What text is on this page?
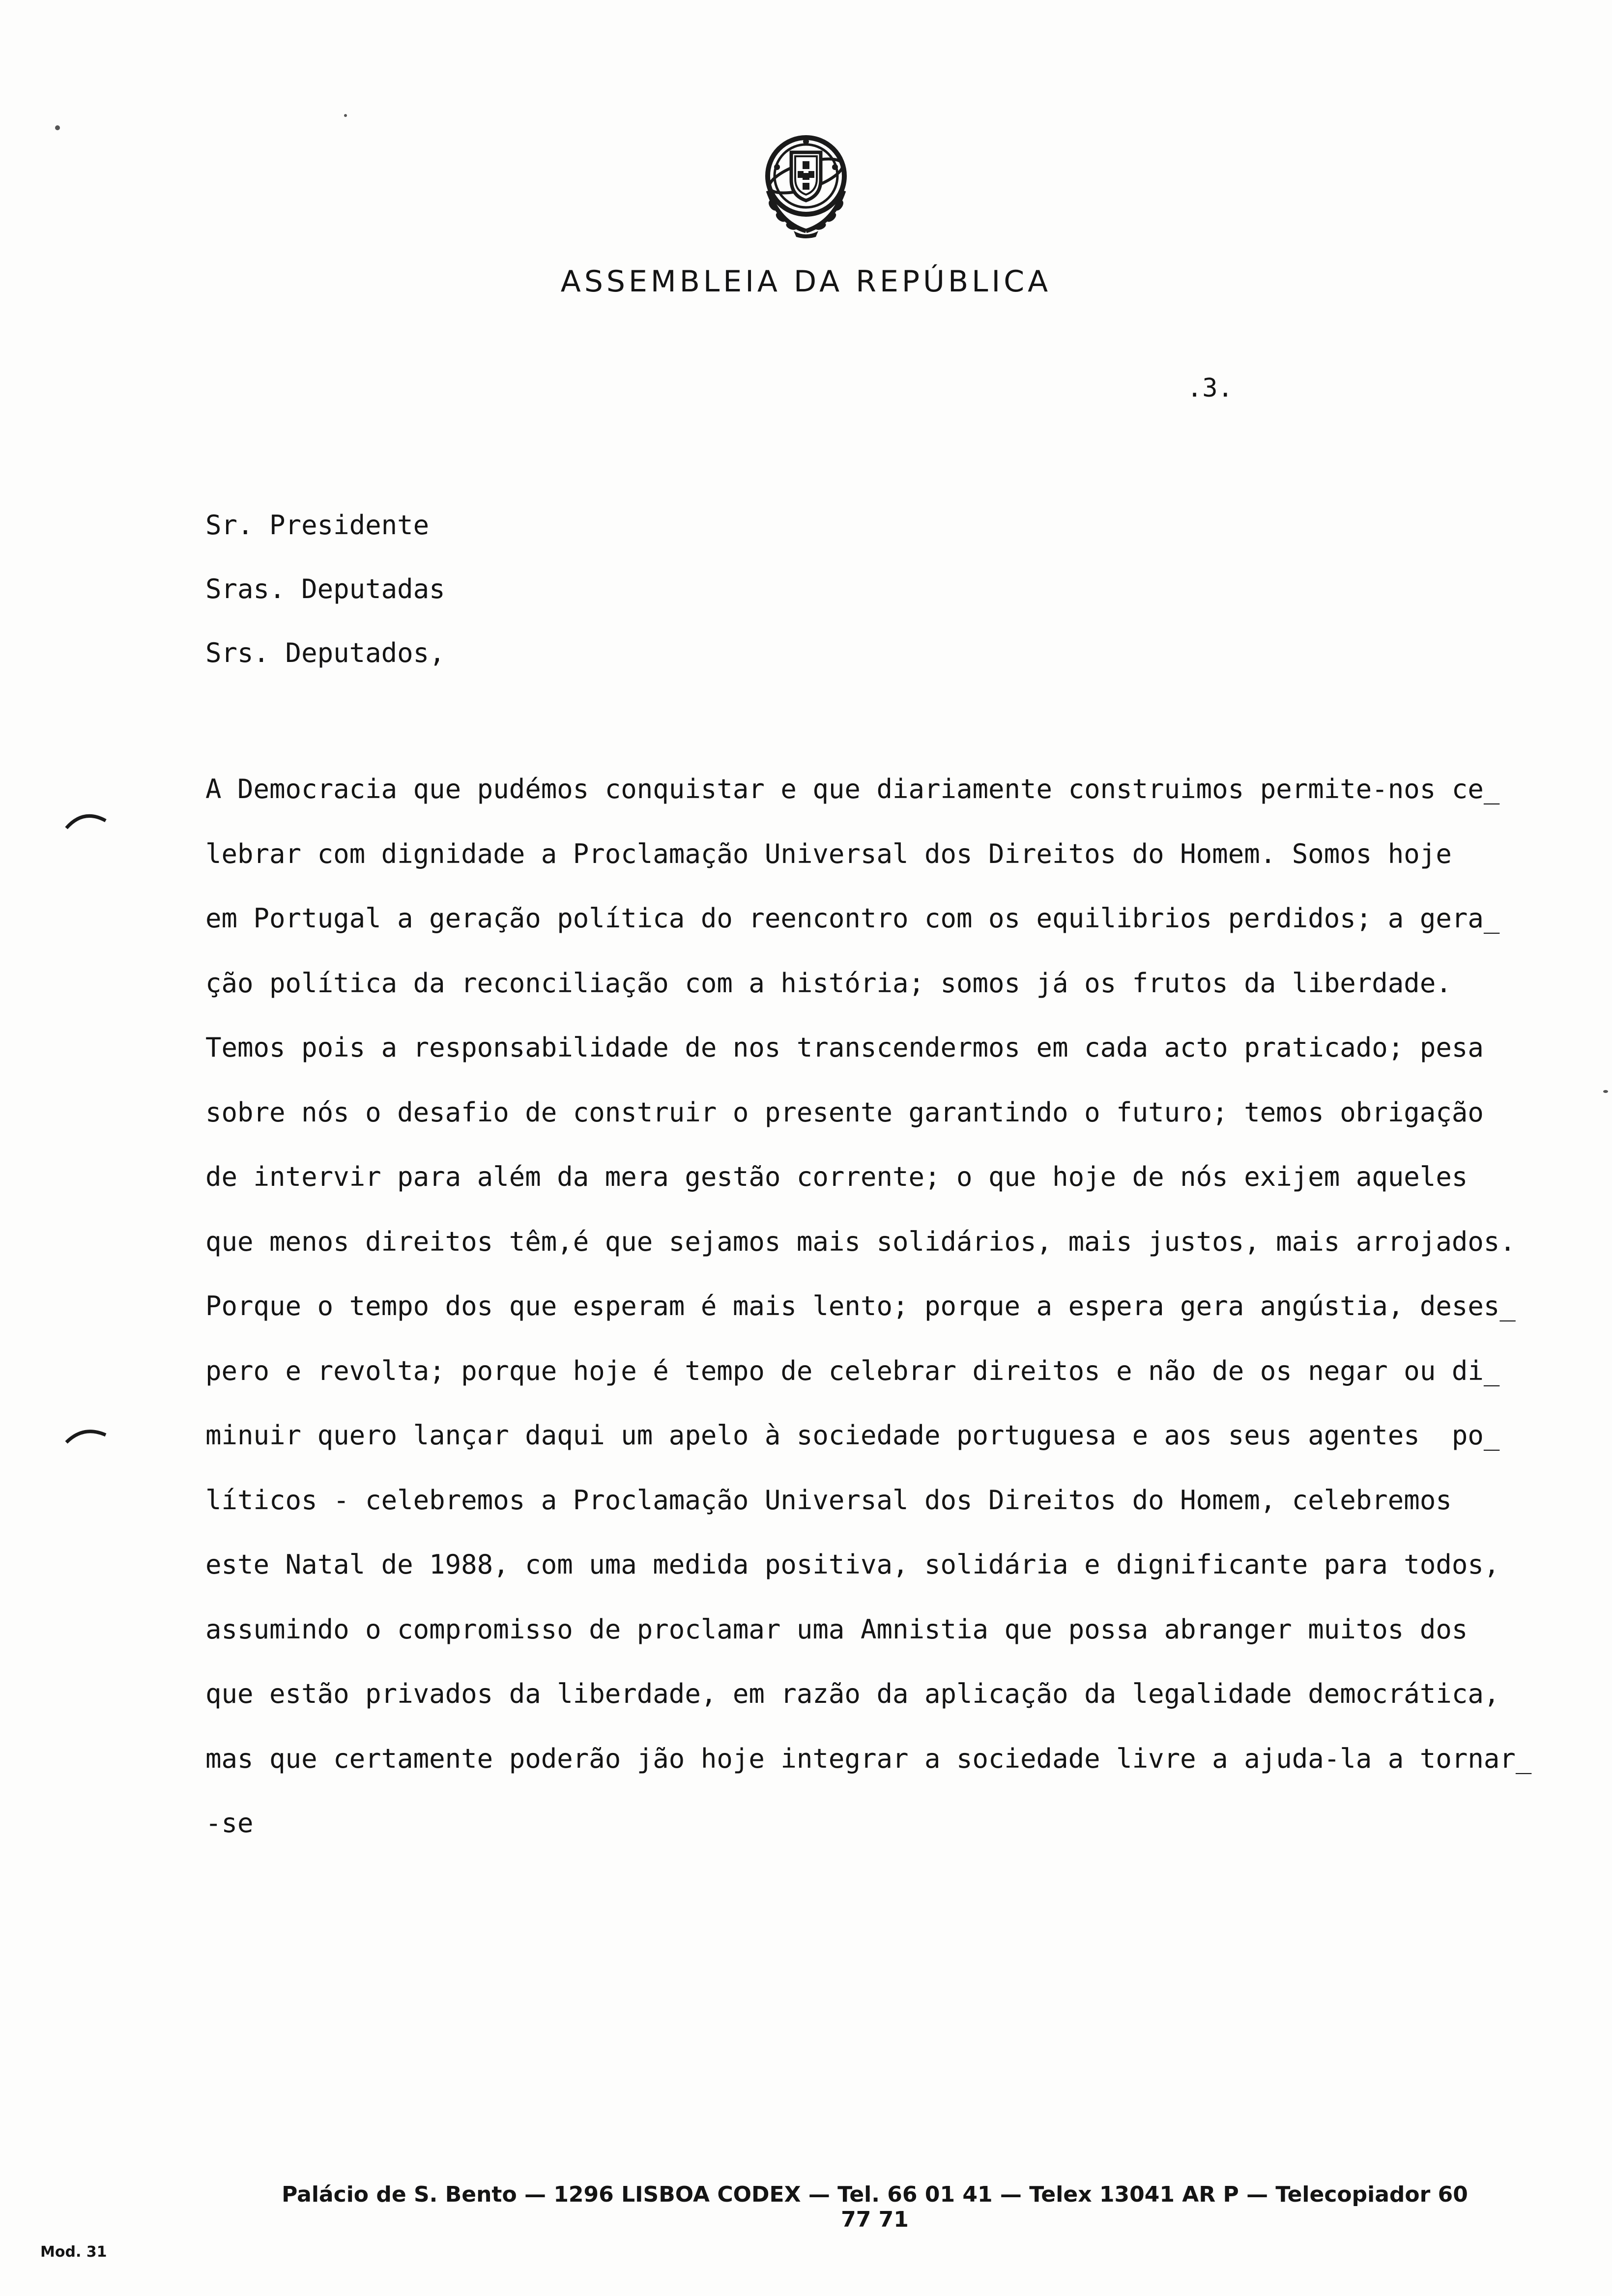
ASSEMBLEIA DA REPÚBLICA
.3.
Sr. Presidente
Sras. Deputadas
Srs. Deputados,
A Democracia que pudémos conquistar e que diariamente construimos permite-nos ce_
lebrar com dignidade a Proclamação Universal dos Direitos do Homem. Somos hoje
em Portugal a geração política do reencontro com os equilibrios perdidos; a gera_
ção política da reconciliação com a história; somos já os frutos da liberdade.
Temos pois a responsabilidade de nos transcendermos em cada acto praticado; pesa
sobre nós o desafio de construir o presente garantindo o futuro; temos obrigação
de intervir para além da mera gestão corrente; o que hoje de nós exijem aqueles
que menos direitos têm,é que sejamos mais solidários, mais justos, mais arrojados.
Porque o tempo dos que esperam é mais lento; porque a espera gera angústia, deses_
pero e revolta; porque hoje é tempo de celebrar direitos e não de os negar ou di_
minuir quero lançar daqui um apelo à sociedade portuguesa e aos seus agentes  po_
líticos - celebremos a Proclamação Universal dos Direitos do Homem, celebremos
este Natal de 1988, com uma medida positiva, solidária e dignificante para todos,
assumindo o compromisso de proclamar uma Amnistia que possa abranger muitos dos
que estão privados da liberdade, em razão da aplicação da legalidade democrática,
mas que certamente poderão jão hoje integrar a sociedade livre a ajuda-la a tornar_
-se
Palácio de S. Bento — 1296 LISBOA CODEX — Tel. 66 01 41 — Telex 13041 AR P — Telecopiador 60 77 71
Mod. 31
